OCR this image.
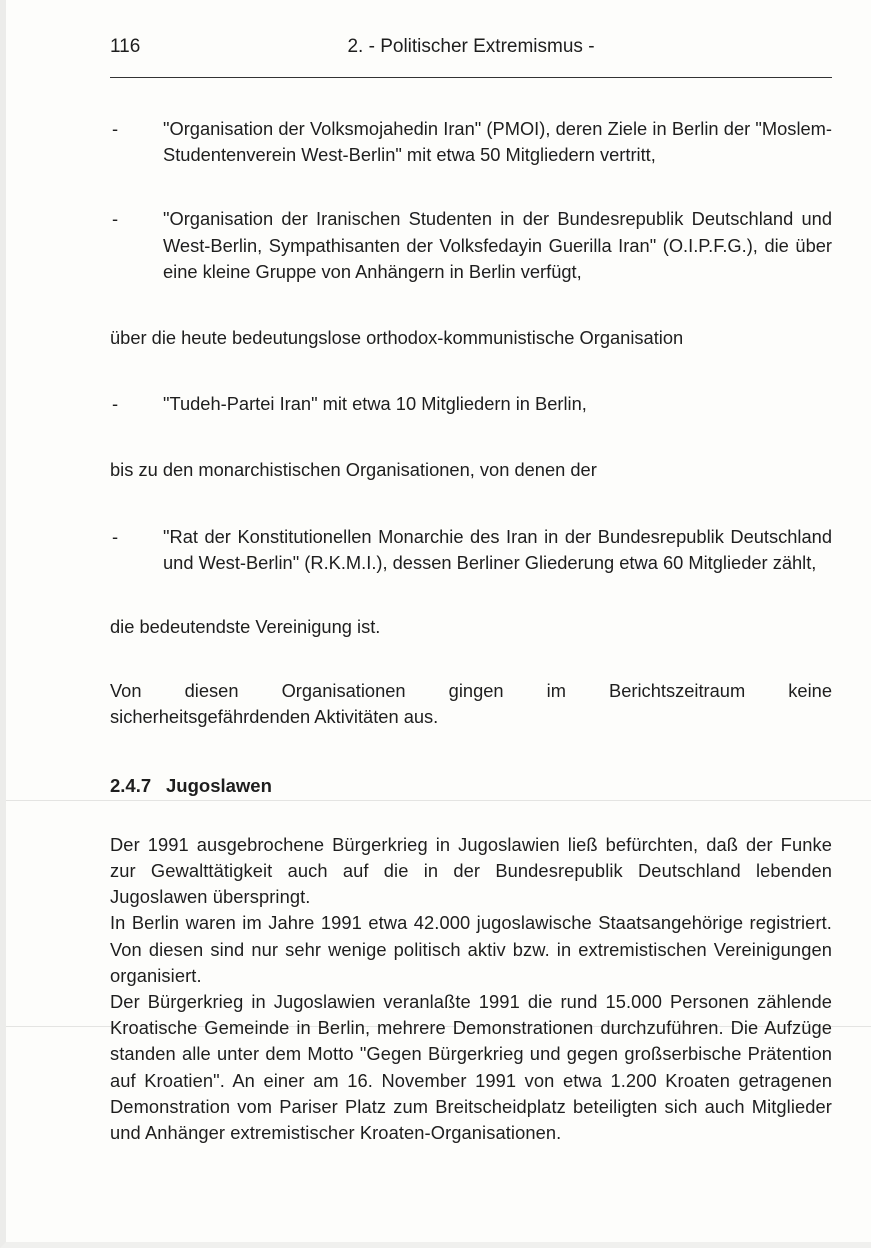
116	2. - Politischer Extremismus -
- "Organisation der Volksmojahedin Iran" (PMOI), deren Ziele in Berlin der "Moslem-Studentenverein West-Berlin" mit etwa 50 Mitgliedern vertritt,
- "Organisation der Iranischen Studenten in der Bundesrepublik Deutschland und West-Berlin, Sympathisanten der Volksfedayin Guerilla Iran" (O.I.P.F.G.), die über eine kleine Gruppe von Anhängern in Berlin verfügt,
über die heute bedeutungslose orthodox-kommunistische Organisation
- "Tudeh-Partei Iran" mit etwa 10 Mitgliedern in Berlin,
bis zu den monarchistischen Organisationen, von denen der
- "Rat der Konstitutionellen Monarchie des Iran in der Bundesrepublik Deutschland und West-Berlin" (R.K.M.I.), dessen Berliner Gliederung etwa 60 Mitglieder zählt,
die bedeutendste Vereinigung ist.
Von diesen Organisationen gingen im Berichtszeitraum keine
sicherheitsgefährdenden Aktivitäten aus.
2.4.7 Jugoslawen
Der 1991 ausgebrochene Bürgerkrieg in Jugoslawien ließ befürchten, daß der Funke zur Gewalttätigkeit auch auf die in der Bundesrepublik Deutschland lebenden Jugoslawen überspringt.
In Berlin waren im Jahre 1991 etwa 42.000 jugoslawische Staatsangehörige registriert. Von diesen sind nur sehr wenige politisch aktiv bzw. in extremistischen Vereinigungen organisiert.
Der Bürgerkrieg in Jugoslawien veranlaßte 1991 die rund 15.000 Personen zählende Kroatische Gemeinde in Berlin, mehrere Demonstrationen durchzuführen. Die Aufzüge standen alle unter dem Motto "Gegen Bürgerkrieg und gegen großserbische Prätention auf Kroatien". An einer am 16. November 1991 von etwa 1.200 Kroaten getragenen Demonstration vom Pariser Platz zum Breitscheidplatz beteiligten sich auch Mitglieder und Anhänger extremistischer Kroaten-Organisationen.
